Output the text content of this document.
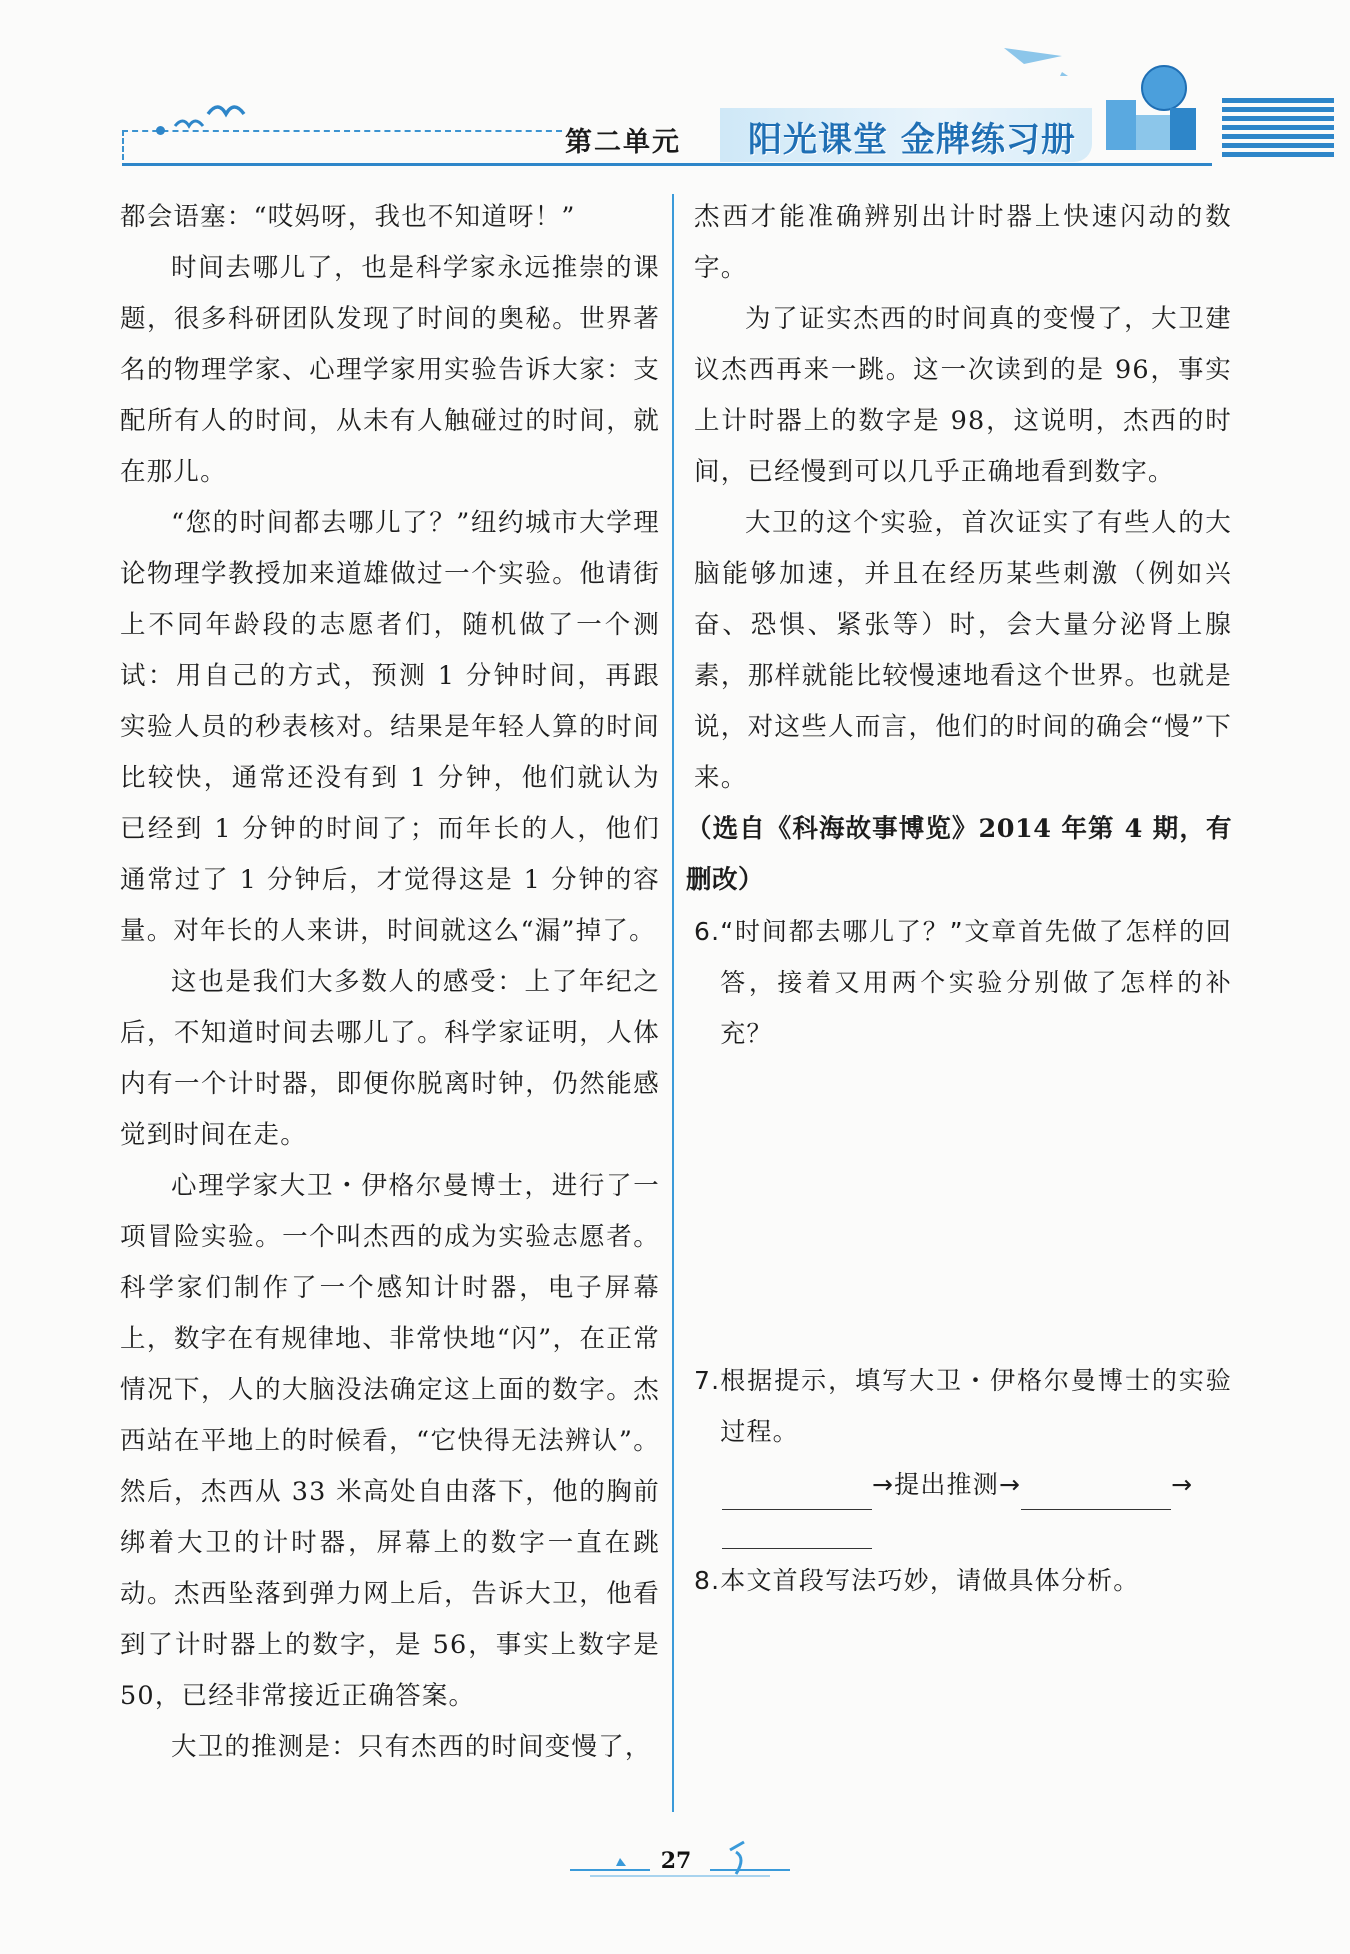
第二单元 阳光课堂 金牌练习册

都会语塞：“哎妈呀，我也不知道呀！”

时间去哪儿了，也是科学家永远推崇的课题，很多科研团队发现了时间的奥秘。世界著名的物理学家、心理学家用实验告诉大家：支配所有人的时间，从未有人触碰过的时间，就在那儿。

“您的时间都去哪儿了？”纽约城市大学理论物理学教授加来道雄做过一个实验。他请街上不同年龄段的志愿者们，随机做了一个测试：用自己的方式，预测 1 分钟时间，再跟实验人员的秒表核对。结果是年轻人算的时间比较快，通常还没有到 1 分钟，他们就认为已经到 1 分钟的时间了；而年长的人，他们通常过了 1 分钟后，才觉得这是 1 分钟的容量。对年长的人来讲，时间就这么“漏”掉了。

这也是我们大多数人的感受：上了年纪之后，不知道时间去哪儿了。科学家证明，人体内有一个计时器，即便你脱离时钟，仍然能感觉到时间在走。

心理学家大卫・伊格尔曼博士，进行了一项冒险实验。一个叫杰西的成为实验志愿者。科学家们制作了一个感知计时器，电子屏幕上，数字在有规律地、非常快地“闪”，在正常情况下，人的大脑没法确定这上面的数字。杰西站在平地上的时候看，“它快得无法辨认”。然后，杰西从 33 米高处自由落下，他的胸前绑着大卫的计时器，屏幕上的数字一直在跳动。杰西坠落到弹力网上后，告诉大卫，他看到了计时器上的数字，是 56，事实上数字是 50，已经非常接近正确答案。

大卫的推测是：只有杰西的时间变慢了，

杰西才能准确辨别出计时器上快速闪动的数字。

为了证实杰西的时间真的变慢了，大卫建议杰西再来一跳。这一次读到的是 96，事实上计时器上的数字是 98，这说明，杰西的时间，已经慢到可以几乎正确地看到数字。

大卫的这个实验，首次证实了有些人的大脑能够加速，并且在经历某些刺激（例如兴奋、恐惧、紧张等）时，会大量分泌肾上腺素，那样就能比较慢速地看这个世界。也就是说，对这些人而言，他们的时间的确会“慢”下来。

（选自《科海故事博览》2014 年第 4 期，有删改）

6. “时间都去哪儿了？”文章首先做了怎样的回答，接着又用两个实验分别做了怎样的补充？
7. 根据提示，填写大卫・伊格尔曼博士的实验过程。
→ 提出推测 →	→
8. 本文首段写法巧妙，请做具体分析。
27
